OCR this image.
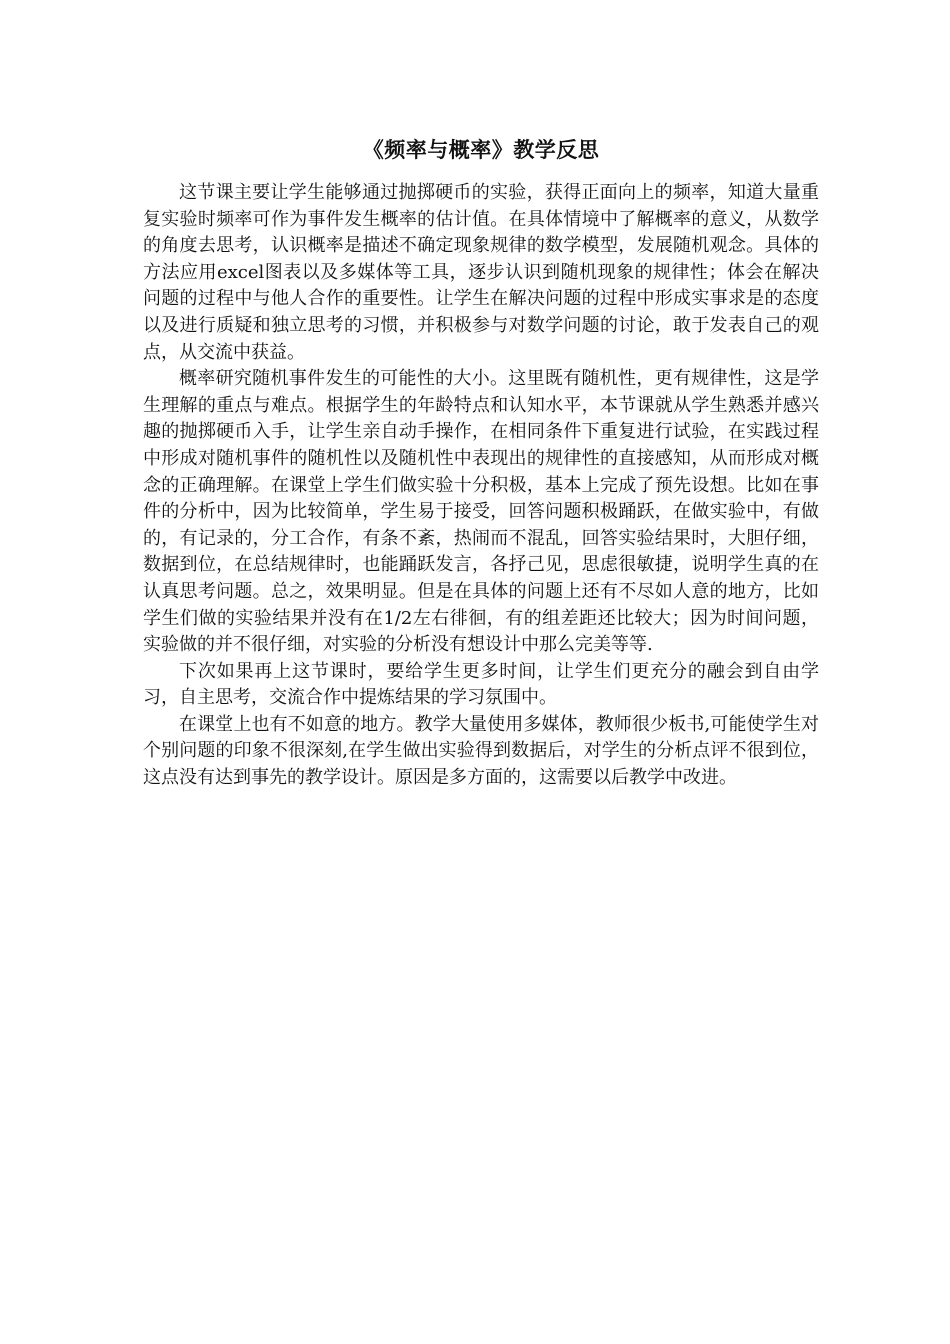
《频率与概率》教学反思

这节课主要让学生能够通过抛掷硬币的实验，获得正面向上的频率，知道大量重复实验时频率可作为事件发生概率的估计值。在具体情境中了解概率的意义，从数学的角度去思考，认识概率是描述不确定现象规律的数学模型，发展随机观念。具体的方法应用excel图表以及多媒体等工具，逐步认识到随机现象的规律性；体会在解决问题的过程中与他人合作的重要性。让学生在解决问题的过程中形成实事求是的态度以及进行质疑和独立思考的习惯，并积极参与对数学问题的讨论，敢于发表自己的观点，从交流中获益。

概率研究随机事件发生的可能性的大小。这里既有随机性，更有规律性，这是学生理解的重点与难点。根据学生的年龄特点和认知水平，本节课就从学生熟悉并感兴趣的抛掷硬币入手，让学生亲自动手操作，在相同条件下重复进行试验，在实践过程中形成对随机事件的随机性以及随机性中表现出的规律性的直接感知，从而形成对概念的正确理解。在课堂上学生们做实验十分积极，基本上完成了预先设想。比如在事件的分析中，因为比较简单，学生易于接受，回答问题积极踊跃，在做实验中，有做的，有记录的，分工合作，有条不紊，热闹而不混乱，回答实验结果时，大胆仔细，数据到位，在总结规律时，也能踊跃发言，各抒己见，思虑很敏捷，说明学生真的在认真思考问题。总之，效果明显。但是在具体的问题上还有不尽如人意的地方，比如学生们做的实验结果并没有在1/2左右徘徊，有的组差距还比较大；因为时间问题，实验做的并不很仔细，对实验的分析没有想设计中那么完美等等.

下次如果再上这节课时，要给学生更多时间，让学生们更充分的融会到自由学习，自主思考，交流合作中提炼结果的学习氛围中。

在课堂上也有不如意的地方。教学大量使用多媒体，教师很少板书,可能使学生对个别问题的印象不很深刻,在学生做出实验得到数据后，对学生的分析点评不很到位，这点没有达到事先的教学设计。原因是多方面的，这需要以后教学中改进。
